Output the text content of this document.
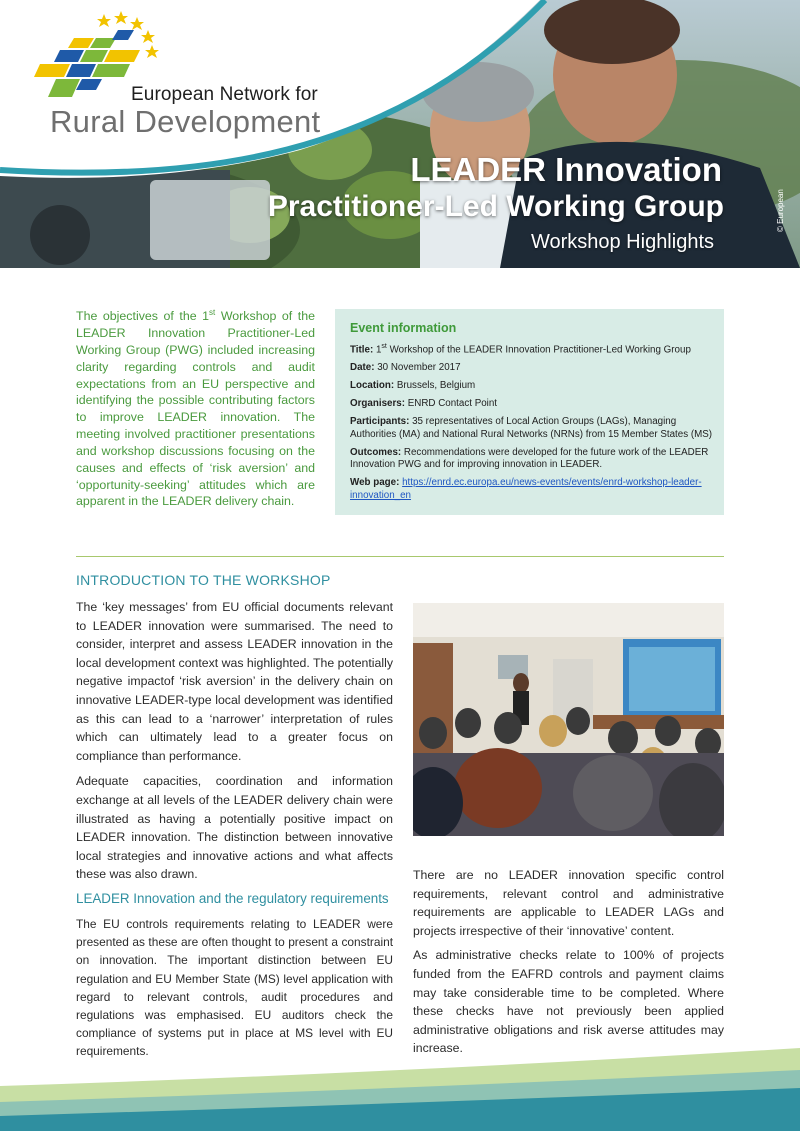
European Network for
Rural Development
LEADER Innovation
Practitioner-Led Working Group
Workshop Highlights
© European

The objectives of the 1st Workshop of the LEADER Innovation Practitioner-Led Working Group (PWG) included increasing clarity regarding controls and audit expectations from an EU perspective and identifying the possible contributing factors to improve LEADER innovation. The meeting involved practitioner presentations and workshop discussions focusing on the causes and effects of ‘risk aversion’ and ‘opportunity-seeking’ attitudes which are apparent in the LEADER delivery chain.

Event information
Title: 1st Workshop of the LEADER Innovation Practitioner-Led Working Group
Date: 30 November 2017
Location: Brussels, Belgium
Organisers: ENRD Contact Point
Participants: 35 representatives of Local Action Groups (LAGs), Managing Authorities (MA) and National Rural Networks (NRNs) from 15 Member States (MS)
Outcomes: Recommendations were developed for the future work of the LEADER Innovation PWG and for improving innovation in LEADER.
Web page: https://enrd.ec.europa.eu/news-events/events/enrd-workshop-leader- innovation_en
INTRODUCTION TO THE WORKSHOP

The ‘key messages’ from EU official documents relevant to LEADER innovation were summarised. The need to consider, interpret and assess LEADER innovation in the local development context was highlighted. The potentially negative impactof ‘risk aversion’ in the delivery chain on innovative LEADER-type local development was identified as this can lead to a ‘narrower’ interpretation of rules which can ultimately lead to a greater focus on compliance than performance.

Adequate capacities, coordination and information exchange at all levels of the LEADER delivery chain were illustrated as having a potentially positive impact on LEADER innovation. The distinction between innovative local strategies and innovative actions and what affects these was also drawn.

LEADER Innovation and the regulatory requirements

The EU controls requirements relating to LEADER were presented as these are often thought to present a constraint on innovation. The important distinction between EU regulation and EU Member State (MS) level application with regard to relevant controls, audit procedures and regulations was emphasised. EU auditors check the compliance of systems put in place at MS level with EU requirements.

There are no LEADER innovation specific control requirements, relevant control and administrative requirements are applicable to LEADER LAGs and projects irrespective of their ‘innovative’ content.

As administrative checks relate to 100% of projects funded from the EAFRD controls and payment claims may take considerable time to be completed. Where these checks have not previously been applied administrative obligations and risk averse attitudes may increase.
